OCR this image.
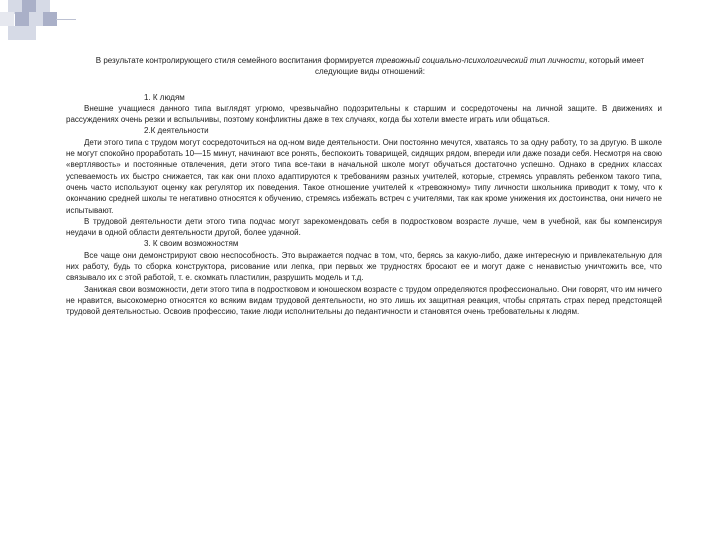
В результате контролирующего стиля семейного воспитания формируется тревожный социально-психологический тип личности, который имеет следующие виды отношений:

1. К людям

Внешне учащиеся данного типа выглядят угрюмо, чрезвычайно подозрительны к старшим и сосредоточены на личной защите. В движениях и рассуждениях очень резки и вспыльчивы, поэтому конфликтны даже в тех случаях, когда бы хотели вместе играть или общаться.

2.К деятельности

Дети этого типа с трудом могут сосредоточиться на од-ном виде деятельности. Они постоянно мечутся, хватаясь то за одну работу, то за другую. В школе не могут спокойно проработать 10—15 минут, начинают все ронять, беспокоить товарищей, сидящих рядом, впереди или даже позади себя. Несмотря на свою «вертлявость» и постоянные отвлечения, дети этого типа все-таки в начальной школе могут обучаться достаточно успешно. Однако в средних классах успеваемость их быстро снижается, так как они плохо адаптируются к требованиям разных учителей, которые, стремясь управлять ребенком такого типа, очень часто используют оценку как регулятор их поведения. Такое отношение учителей к «тревожному» типу личности школьника приводит к тому, что к окончанию средней школы те негативно относятся к обучению, стремясь избежать встреч с учителями, так как кроме унижения их достоинства, они ничего не испытывают.

В трудовой деятельности дети этого типа подчас могут зарекомендовать себя в подростковом возрасте лучше, чем в учебной, как бы компенсируя неудачи в одной области деятельности другой, более удачной.

3. К своим возможностям

Все чаще они демонстрируют свою неспособность. Это выражается подчас в том, что, берясь за какую-либо, даже интересную и привлекательную для них работу, будь то сборка конструктора, рисование или лепка, при первых же трудностях бросают ее и могут даже с ненавистью уничтожить все, что связывало их с этой работой, т. е. скомкать пластилин, разрушить модель и т.д.

Занижая свои возможности, дети этого типа в подростковом и юношеском возрасте с трудом определяются профессионально. Они говорят, что им ничего не нравится, высокомерно относятся ко всяким видам трудовой деятельности, но это лишь их защитная реакция, чтобы спрятать страх перед предстоящей трудовой деятельностью. Освоив профессию, такие люди исполнительны до педантичности и становятся очень требовательны к людям.
